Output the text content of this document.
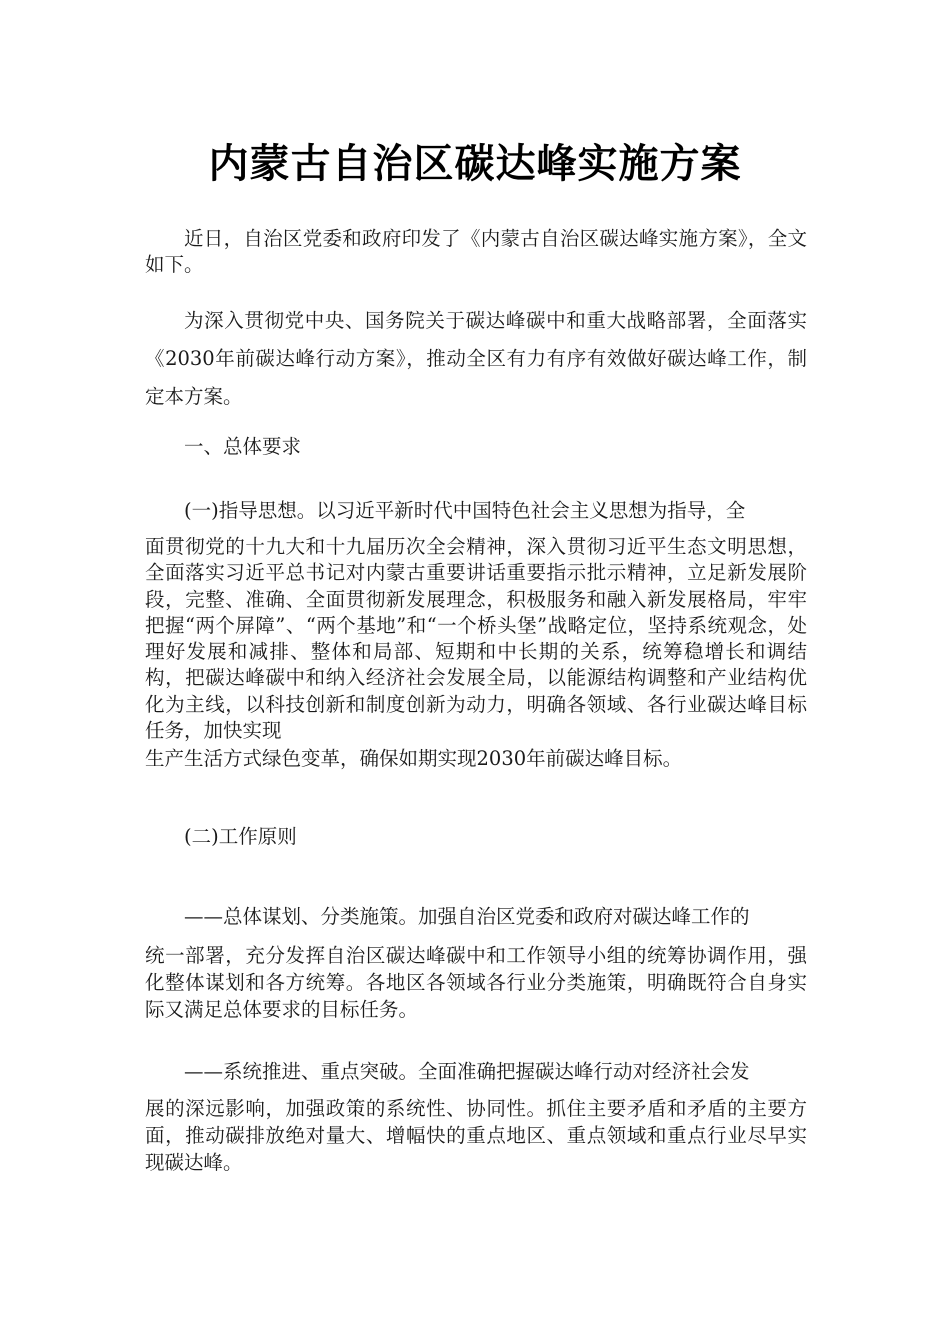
内蒙古自治区碳达峰实施方案

近日，自治区党委和政府印发了《内蒙古自治区碳达峰实施方案》，全文如下。

为深入贯彻党中央、国务院关于碳达峰碳中和重大战略部署，全面落实《2030年前碳达峰行动方案》，推动全区有力有序有效做好碳达峰工作，制定本方案。

一、总体要求

(一)指导思想。以习近平新时代中国特色社会主义思想为指导，全

面贯彻党的十九大和十九届历次全会精神，深入贯彻习近平生态文明思想，全面落实习近平总书记对内蒙古重要讲话重要指示批示精神，立足新发展阶段，完整、准确、全面贯彻新发展理念，积极服务和融入新发展格局，牢牢把握“两个屏障”、“两个基地”和“一个桥头堡”战略定位，坚持系统观念，处理好发展和减排、整体和局部、短期和中长期的关系，统筹稳增长和调结构，把碳达峰碳中和纳入经济社会发展全局，以能源结构调整和产业结构优化为主线，以科技创新和制度创新为动力，明确各领域、各行业碳达峰目标任务，加快实现

生产生活方式绿色变革，确保如期实现2030年前碳达峰目标。

(二)工作原则

——总体谋划、分类施策。加强自治区党委和政府对碳达峰工作的

统一部署，充分发挥自治区碳达峰碳中和工作领导小组的统筹协调作用，强化整体谋划和各方统筹。各地区各领域各行业分类施策，明确既符合自身实际又满足总体要求的目标任务。

——系统推进、重点突破。全面准确把握碳达峰行动对经济社会发

展的深远影响，加强政策的系统性、协同性。抓住主要矛盾和矛盾的主要方面，推动碳排放绝对量大、增幅快的重点地区、重点领域和重点行业尽早实现碳达峰。
